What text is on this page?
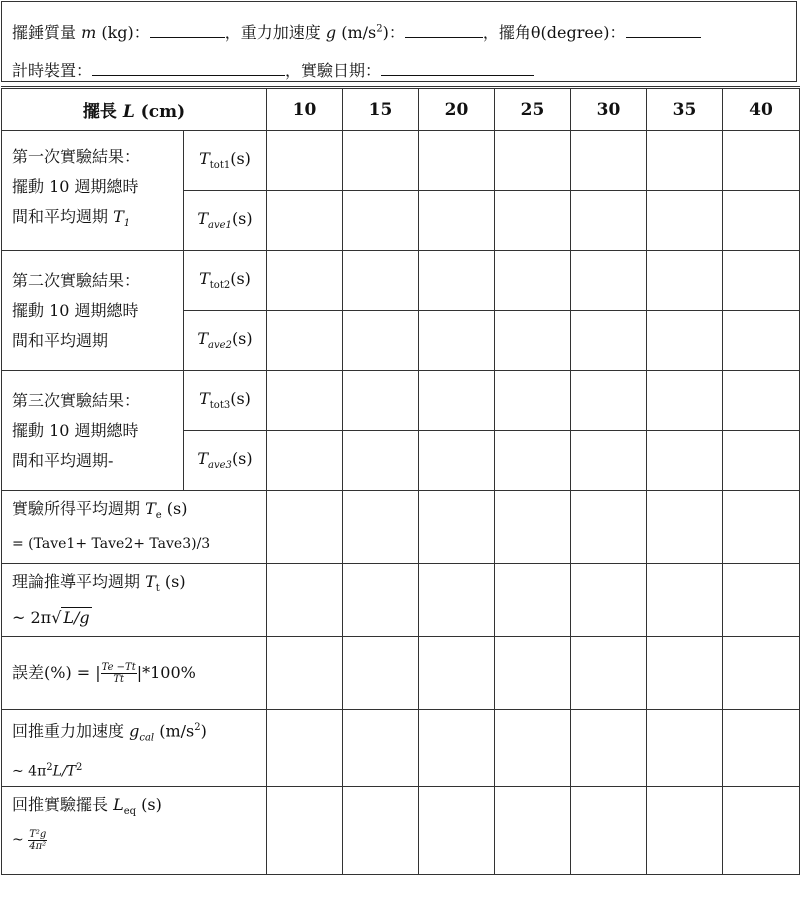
擺錘質量 m (kg)：	，重力加速度 g $(m/s^2)$：	，擺角θ(degree)：
計時裝置：	，實驗日期：
擺長 L (cm)		10	15	20	25	30	35	40

第一次實驗結果：
擺動 10 週期總時
間和平均週期 $T_1$	$T_{tot1}(s)$							
	$T_{ave1}(s)$							

第二次實驗結果：
擺動 10 週期總時
間和平均週期	$T_{tot2}(s)$							
	$T_{ave2}(s)$							

第三次實驗結果：
擺動 10 週期總時
間和平均週期-	$T_{tot3}(s)$							
	$T_{ave3}(s)$							

實驗所得平均週期 $T_e$ (s)
= (Tave1+ Tave2+ Tave3)/3								

理論推導平均週期 $T_t$ (s)
~ 2π√ L/g								

誤差(%) = | $\frac{Te -Tt}{Tt}|*100\%$								

回推重力加速度 $g_{cal}$ $(m/s^2)$
~ $4\pi^2L/T^2$

回推實驗擺長 $L_{eq}$ (s)
~ $\frac{\text{T²g}}{\text{4π²}}$
